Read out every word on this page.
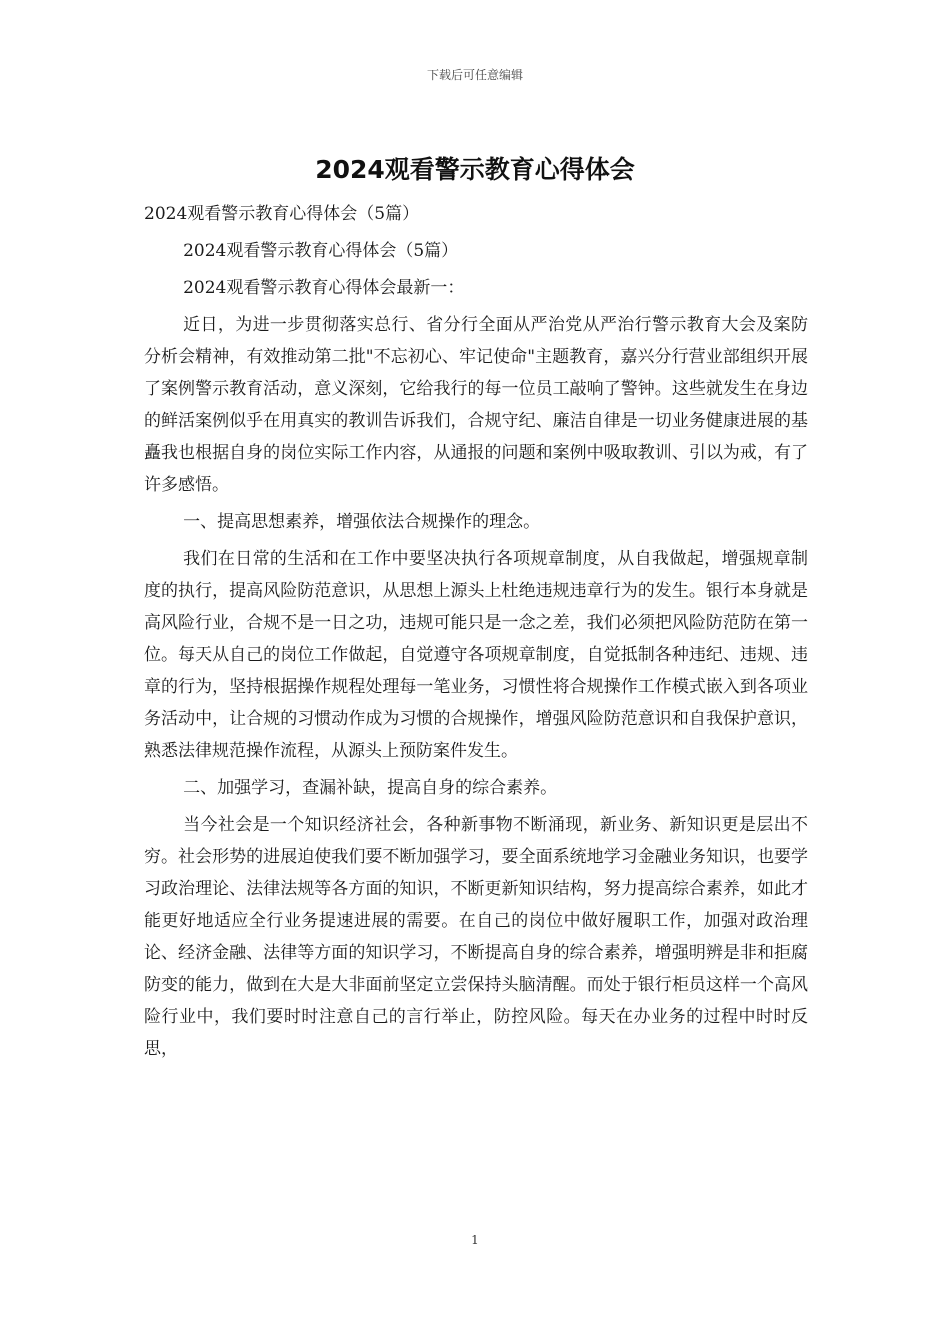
下载后可任意编辑
2024观看警示教育心得体会

2024观看警示教育心得体会（5篇）

2024观看警示教育心得体会（5篇）

2024观看警示教育心得体会最新一：

近日，为进一步贯彻落实总行、省分行全面从严治党从严治行警示教育大会及案防分析会精神，有效推动第二批"不忘初心、牢记使命"主题教育，嘉兴分行营业部组织开展了案例警示教育活动，意义深刻，它给我行的每一位员工敲响了警钟。这些就发生在身边的鲜活案例似乎在用真实的教训告诉我们，合规守纪、廉洁自律是一切业务健康进展的基矗我也根据自身的岗位实际工作内容，从通报的问题和案例中吸取教训、引以为戒，有了许多感悟。

一、提高思想素养，增强依法合规操作的理念。

我们在日常的生活和在工作中要坚决执行各项规章制度，从自我做起，增强规章制度的执行，提高风险防范意识，从思想上源头上杜绝违规违章行为的发生。银行本身就是高风险行业，合规不是一日之功，违规可能只是一念之差，我们必须把风险防范防在第一位。每天从自己的岗位工作做起，自觉遵守各项规章制度，自觉抵制各种违纪、违规、违章的行为，坚持根据操作规程处理每一笔业务，习惯性将合规操作工作模式嵌入到各项业务活动中，让合规的习惯动作成为习惯的合规操作，增强风险防范意识和自我保护意识，熟悉法律规范操作流程，从源头上预防案件发生。

二、加强学习，查漏补缺，提高自身的综合素养。

当今社会是一个知识经济社会，各种新事物不断涌现，新业务、新知识更是层出不穷。社会形势的进展迫使我们要不断加强学习，要全面系统地学习金融业务知识，也要学习政治理论、法律法规等各方面的知识，不断更新知识结构，努力提高综合素养，如此才能更好地适应全行业务提速进展的需要。在自己的岗位中做好履职工作，加强对政治理论、经济金融、法律等方面的知识学习，不断提高自身的综合素养，增强明辨是非和拒腐防变的能力，做到在大是大非面前坚定立尝保持头脑清醒。而处于银行柜员这样一个高风险行业中，我们要时时注意自己的言行举止，防控风险。每天在办业务的过程中时时反思，

1
